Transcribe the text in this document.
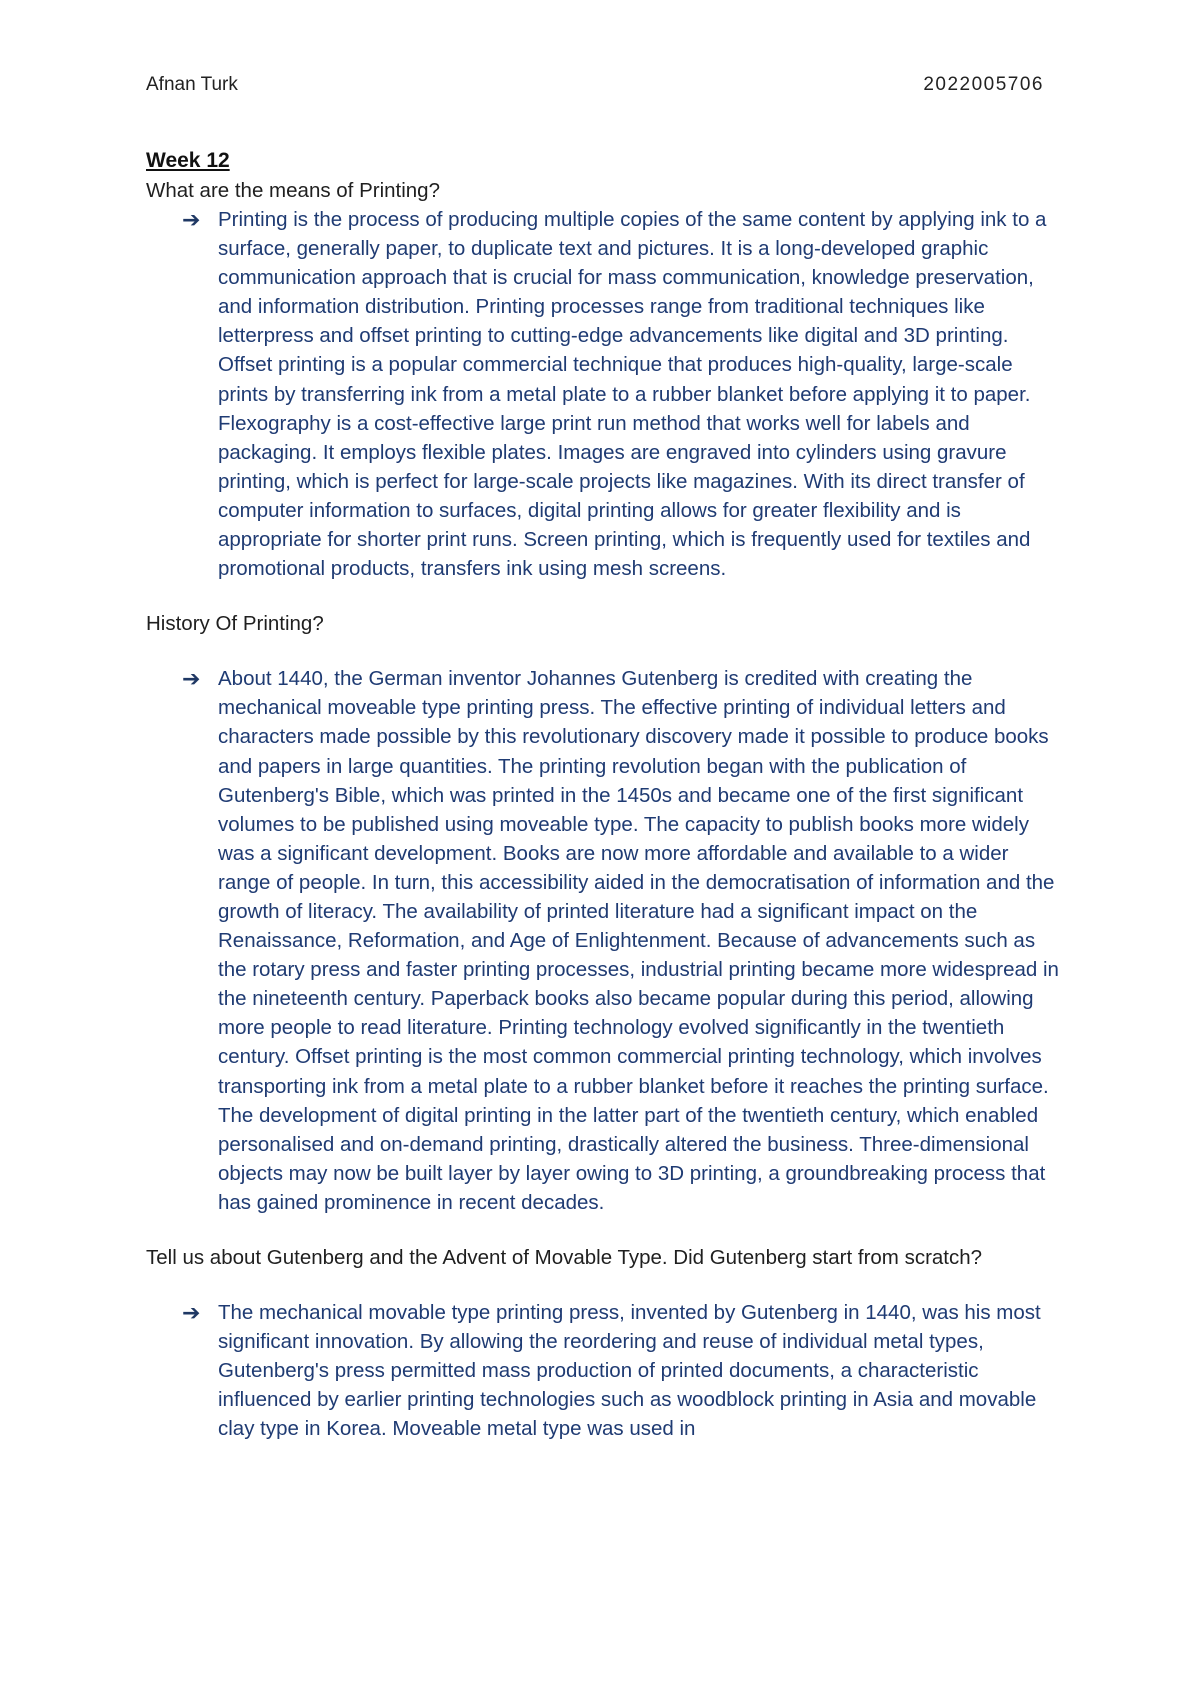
Afnan Turk	2022005706

Week 12

What are the means of Printing?

➔ Printing is the process of producing multiple copies of the same content by applying ink to a surface, generally paper, to duplicate text and pictures. It is a long-developed graphic communication approach that is crucial for mass communication, knowledge preservation, and information distribution. Printing processes range from traditional techniques like letterpress and offset printing to cutting-edge advancements like digital and 3D printing. Offset printing is a popular commercial technique that produces high-quality, large-scale prints by transferring ink from a metal plate to a rubber blanket before applying it to paper. Flexography is a cost-effective large print run method that works well for labels and packaging. It employs flexible plates. Images are engraved into cylinders using gravure printing, which is perfect for large-scale projects like magazines. With its direct transfer of computer information to surfaces, digital printing allows for greater flexibility and is appropriate for shorter print runs. Screen printing, which is frequently used for textiles and promotional products, transfers ink using mesh screens.

History Of Printing?

➔ About 1440, the German inventor Johannes Gutenberg is credited with creating the mechanical moveable type printing press. The effective printing of individual letters and characters made possible by this revolutionary discovery made it possible to produce books and papers in large quantities. The printing revolution began with the publication of Gutenberg's Bible, which was printed in the 1450s and became one of the first significant volumes to be published using moveable type. The capacity to publish books more widely was a significant development. Books are now more affordable and available to a wider range of people. In turn, this accessibility aided in the democratisation of information and the growth of literacy. The availability of printed literature had a significant impact on the Renaissance, Reformation, and Age of Enlightenment. Because of advancements such as the rotary press and faster printing processes, industrial printing became more widespread in the nineteenth century. Paperback books also became popular during this period, allowing more people to read literature. Printing technology evolved significantly in the twentieth century. Offset printing is the most common commercial printing technology, which involves transporting ink from a metal plate to a rubber blanket before it reaches the printing surface. The development of digital printing in the latter part of the twentieth century, which enabled personalised and on-demand printing, drastically altered the business. Three-dimensional objects may now be built layer by layer owing to 3D printing, a groundbreaking process that has gained prominence in recent decades.

Tell us about Gutenberg and the Advent of Movable Type. Did Gutenberg start from scratch?

➔ The mechanical movable type printing press, invented by Gutenberg in 1440, was his most significant innovation. By allowing the reordering and reuse of individual metal types, Gutenberg's press permitted mass production of printed documents, a characteristic influenced by earlier printing technologies such as woodblock printing in Asia and movable clay type in Korea. Moveable metal type was used in
